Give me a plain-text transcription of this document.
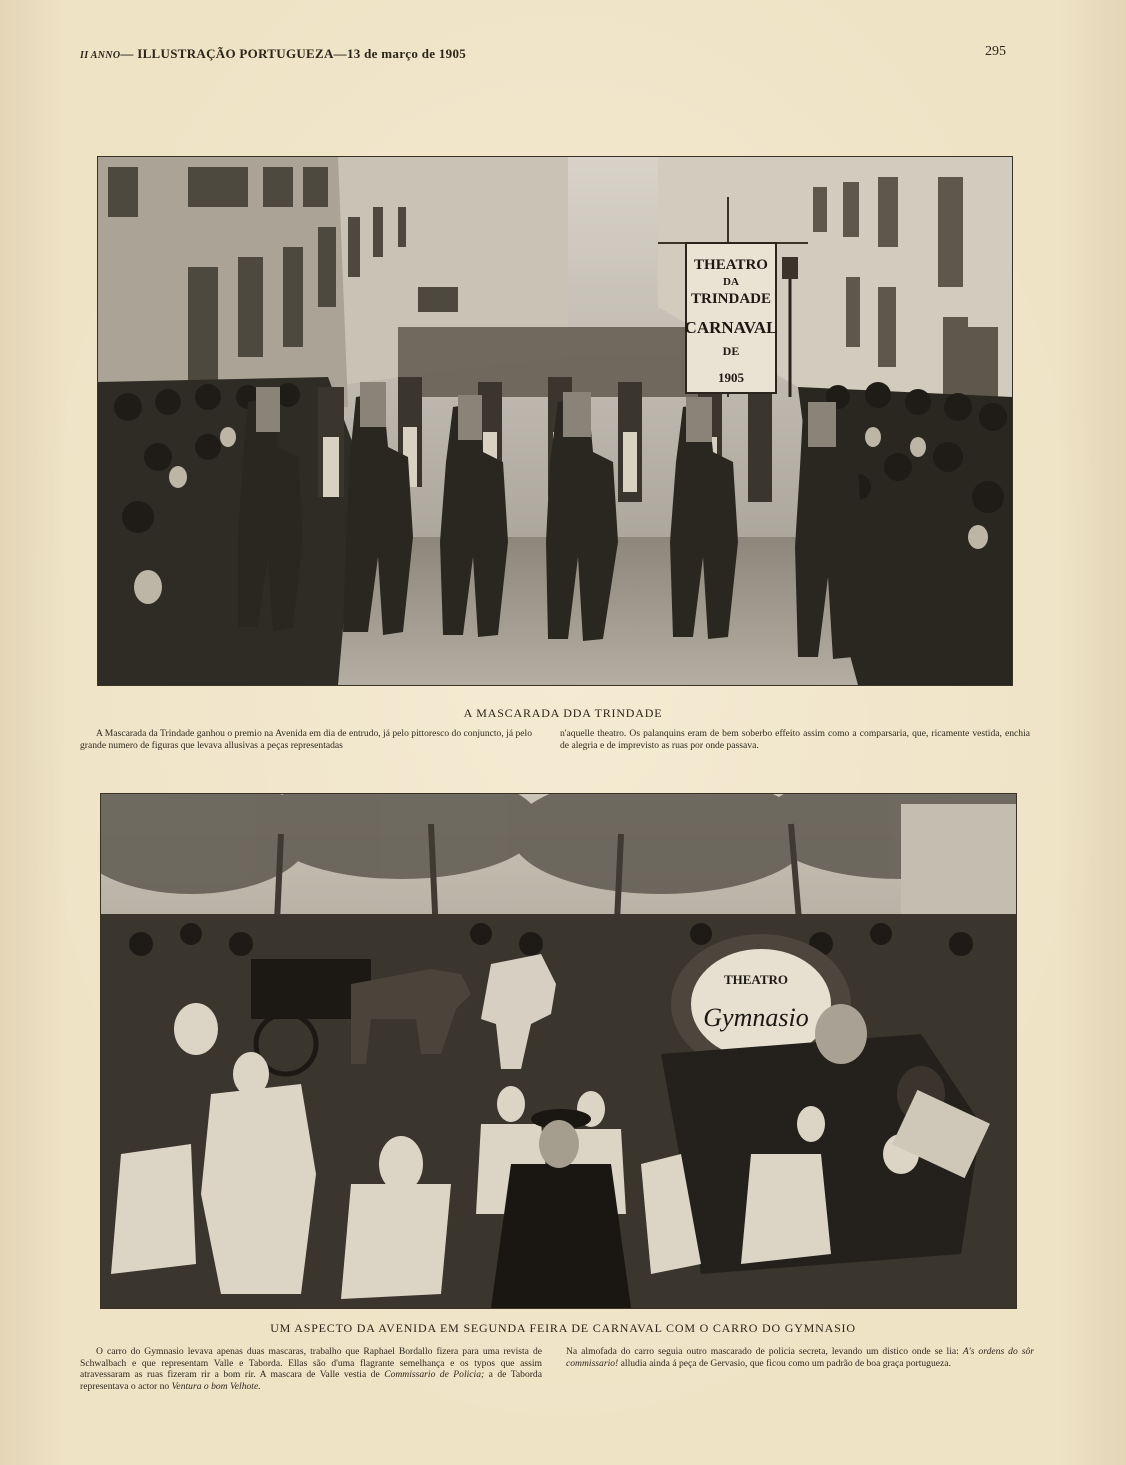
II ANNO— ILLUSTRAÇÃO PORTUGUEZA—13 de março de 1905	295
THEATRO
DA
TRINDADE
CARNAVAL
DE
1905
A MASCARADA DDA TRINDADE

A Mascarada da Trindade ganhou o premio na Avenida em dia de entrudo, já pelo pittoresco do conjuncto, já pelo grande numero de figuras que levava allusivas a peças representadas

n'aquelle theatro. Os palanquins eram de bem soberbo effeito assim como a comparsaria, que, ricamente vestida, enchia de alegria e de imprevisto as ruas por onde passava.

THEATRO
Gymnasio
UM ASPECTO DA AVENIDA EM SEGUNDA FEIRA DE CARNAVAL COM O CARRO DO GYMNASIO

O carro do Gymnasio levava apenas duas mascaras, trabalho que Raphael Bordallo fizera para uma revista de Schwalbach e que representam Valle e Taborda. Ellas são d'uma flagrante semelhança e os typos que assim atravessaram as ruas fizeram rir a bom rir. A mascara de Valle vestia de Commissario de Policia; a de Taborda representava o actor no Ventura o bom Velhote.

Na almofada do carro seguia outro mascarado de policia secreta, levando um distico onde se lia: A's ordens do sôr commissario! alludia ainda á peça de Gervasio, que ficou como um padrão de boa graça portugueza.
